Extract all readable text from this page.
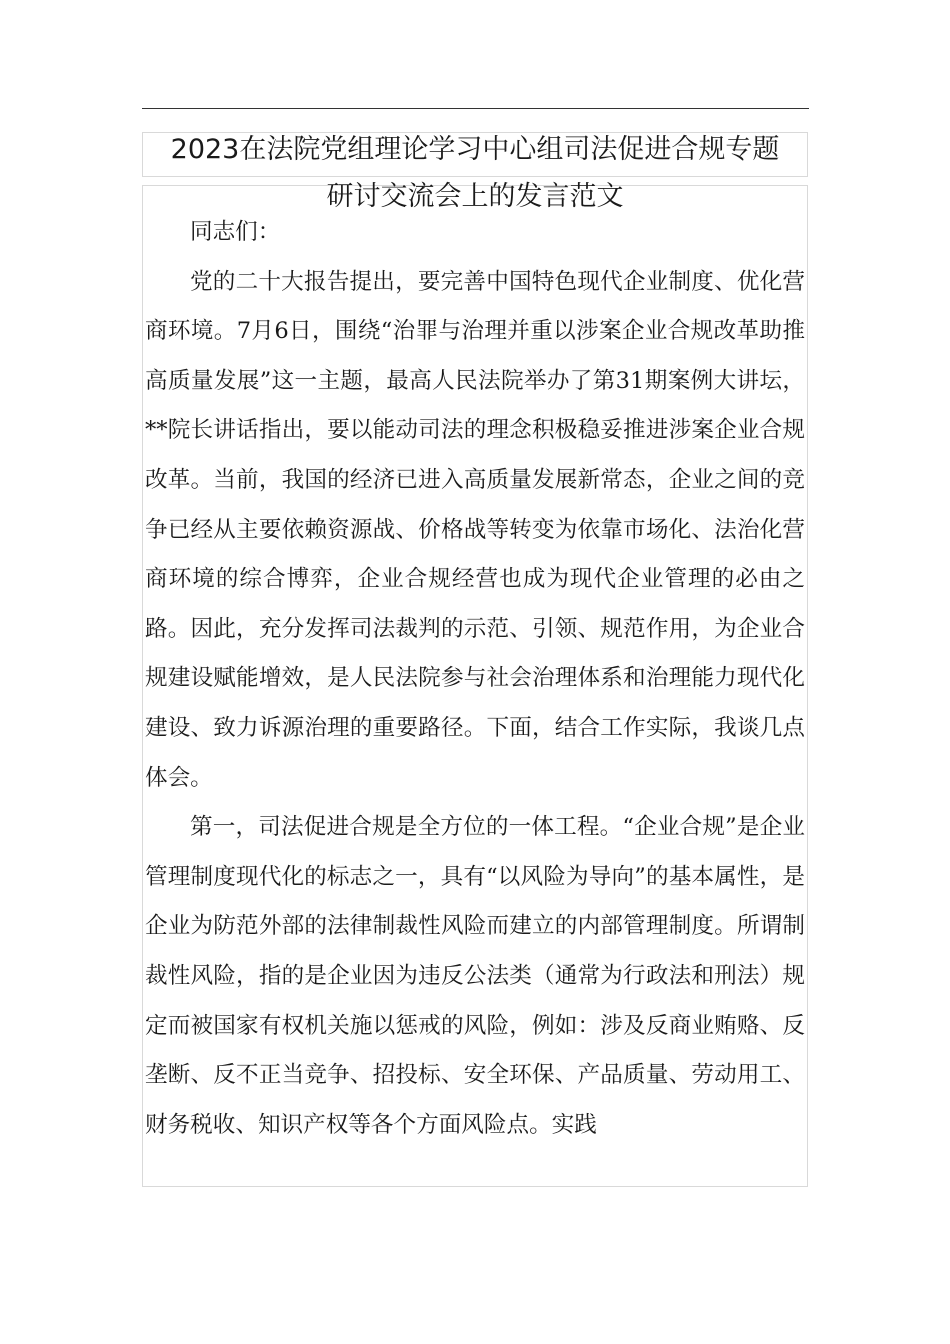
2023在法院党组理论学习中心组司法促进合规专题
研讨交流会上的发言范文

同志们：

党的二十大报告提出，要完善中国特色现代企业制度、优化营商环境。7月6日，围绕“治罪与治理并重以涉案企业合规改革助推高质量发展”这一主题，最高人民法院举办了第31期案例大讲坛，**院长讲话指出，要以能动司法的理念积极稳妥推进涉案企业合规改革。当前，我国的经济已进入高质量发展新常态，企业之间的竞争已经从主要依赖资源战、价格战等转变为依靠市场化、法治化营商环境的综合博弈，企业合规经营也成为现代企业管理的必由之路。因此，充分发挥司法裁判的示范、引领、规范作用，为企业合规建设赋能增效，是人民法院参与社会治理体系和治理能力现代化建设、致力诉源治理的重要路径。下面，结合工作实际，我谈几点体会。

第一，司法促进合规是全方位的一体工程。“企业合规”是企业管理制度现代化的标志之一，具有“以风险为导向”的基本属性，是企业为防范外部的法律制裁性风险而建立的内部管理制度。所谓制裁性风险，指的是企业因为违反公法类（通常为行政法和刑法）规定而被国家有权机关施以惩戒的风险，例如：涉及反商业贿赂、反垄断、反不正当竞争、招投标、安全环保、产品质量、劳动用工、财务税收、知识产权等各个方面风险点。实践
